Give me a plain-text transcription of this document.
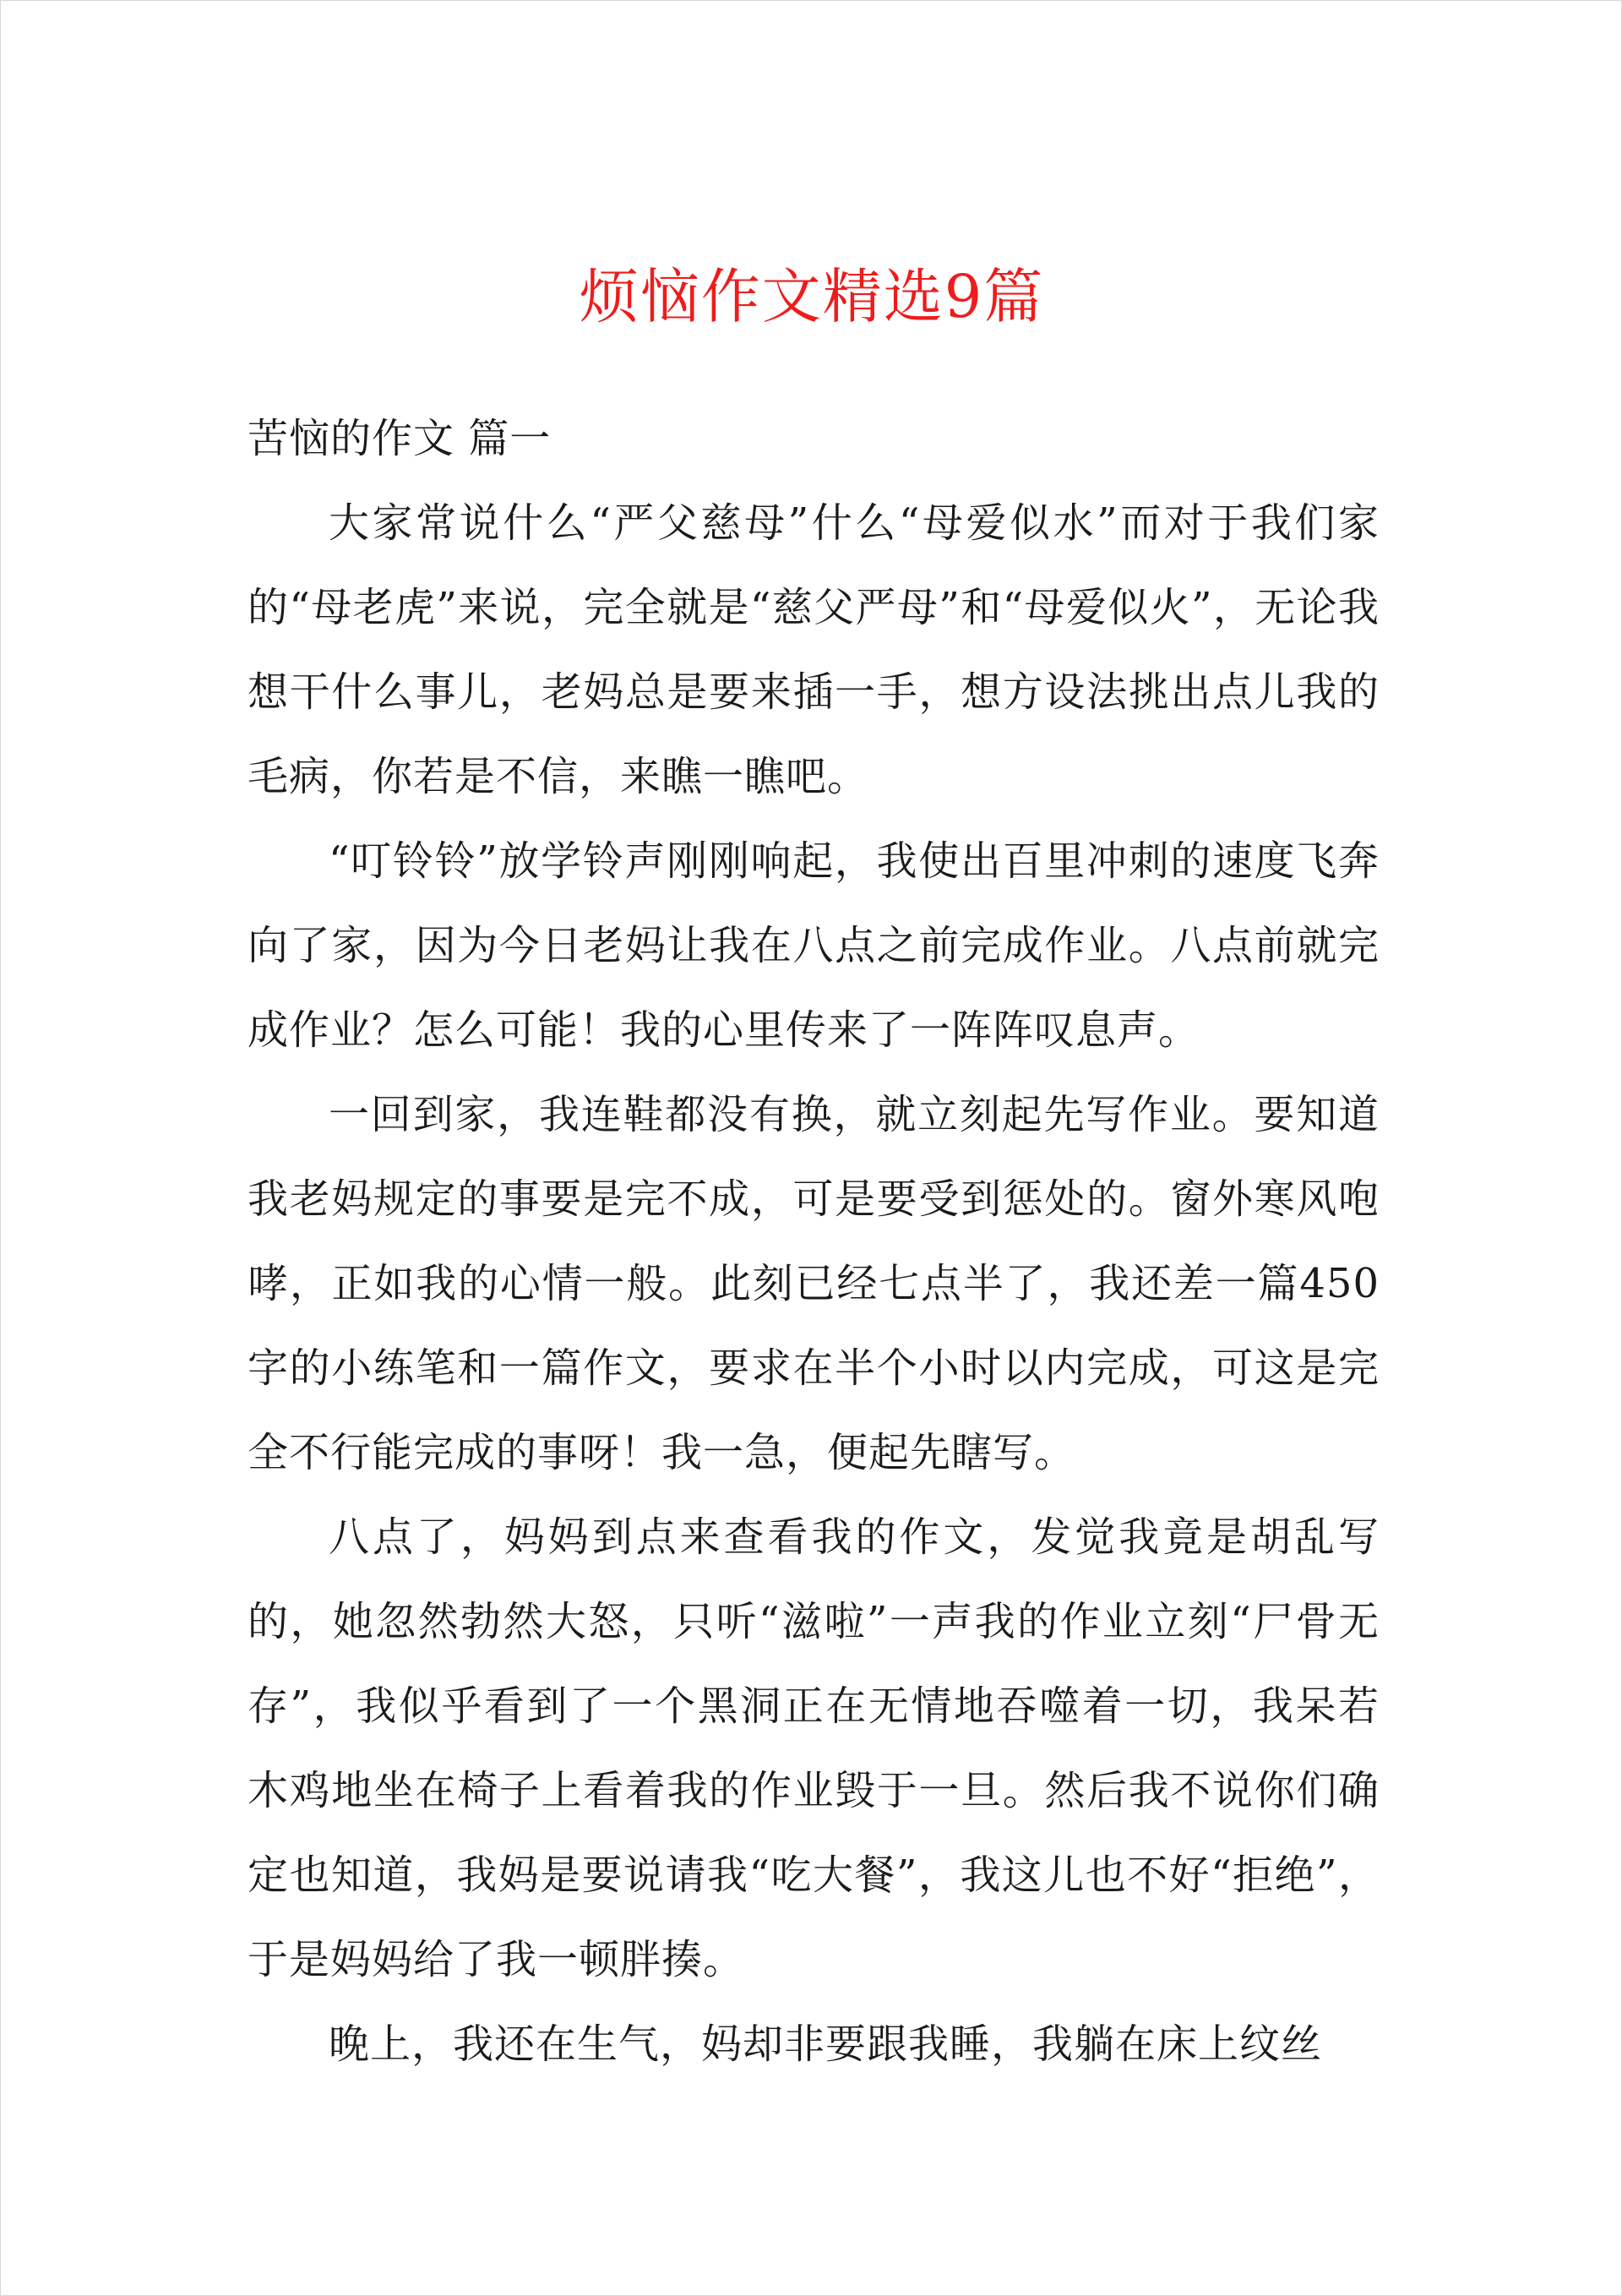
烦恼作文精选9篇
苦恼的作文 篇一

大家常说什么“严父慈母”什么“母爱似水”而对于我们家的“母老虎”来说，完全就是“慈父严母”和“母爱似火”，无论我想干什么事儿，老妈总是要来插一手，想方设法挑出点儿我的毛病，你若是不信，来瞧一瞧吧。

“叮铃铃”放学铃声刚刚响起，我使出百里冲刺的速度飞奔向了家，因为今日老妈让我在八点之前完成作业。八点前就完成作业？怎么可能！我的心里传来了一阵阵叹息声。

一回到家，我连鞋都没有换，就立刻起先写作业。要知道我老妈规定的事要是完不成，可是要受到惩处的。窗外寒风咆哮，正如我的心情一般。此刻已经七点半了，我还差一篇450字的小练笔和一篇作文，要求在半个小时以内完成，可这是完全不行能完成的事呀！我一急，便起先瞎写。

八点了，妈妈到点来查看我的作文，发觉我竟是胡乱写的，她忽然勃然大怒，只听“滋啦”一声我的作业立刻“尸骨无存”，我似乎看到了一个黑洞正在无情地吞噬着一切，我呆若木鸡地坐在椅子上看着我的作业毁于一旦。然后我不说你们确定也知道，我妈是要说请我“吃大餐”，我这儿也不好“拒绝”，于是妈妈给了我一顿胖揍。

晚上，我还在生气，妈却非要跟我睡，我躺在床上纹丝
